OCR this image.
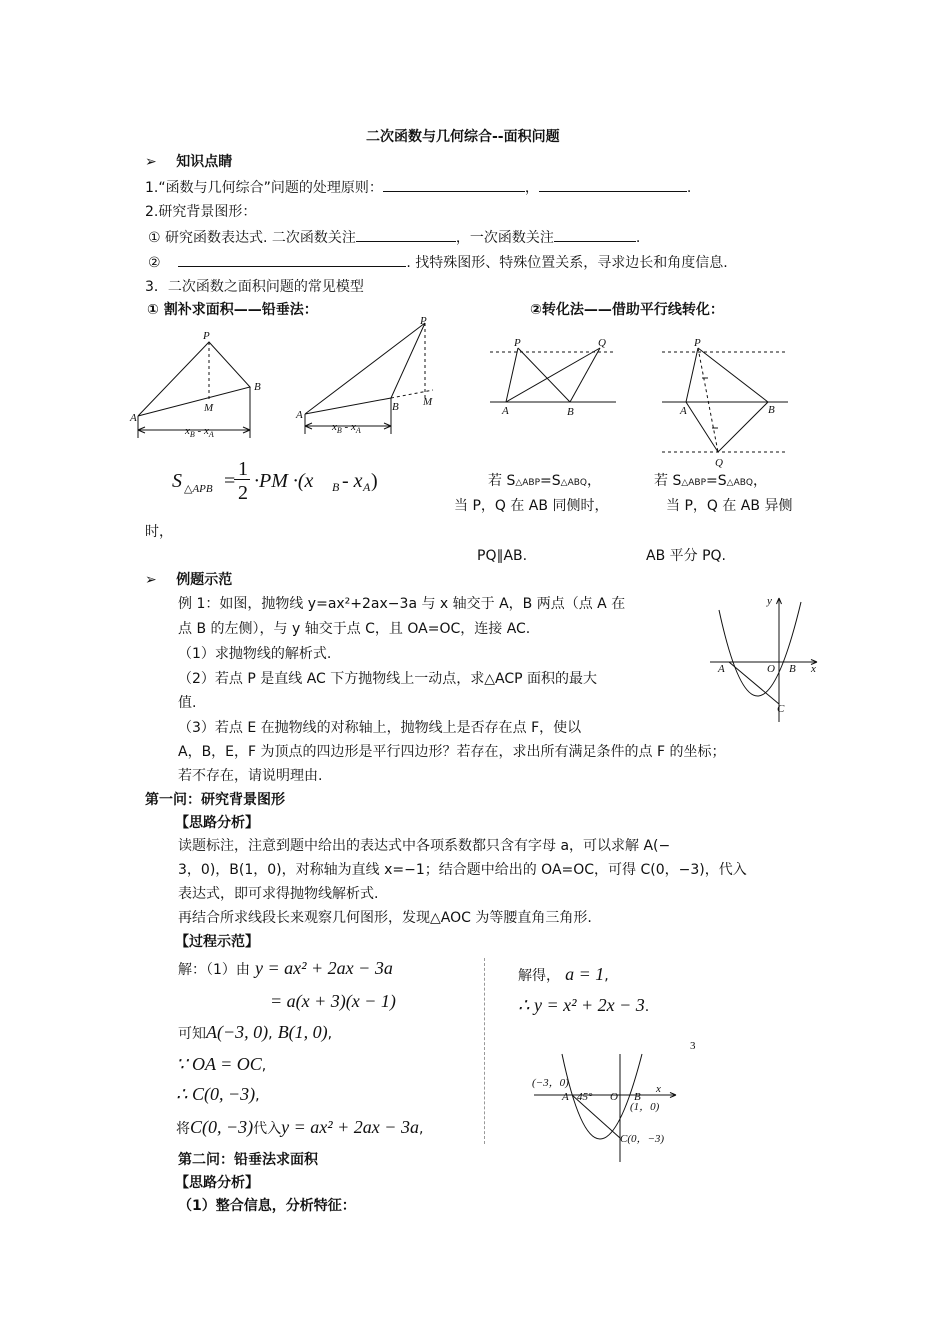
二次函数与几何综合--面积问题
➢ 知识点睛
1.“函数与几何综合”问题的处理原则：	，	.
2.研究背景图形：
① 研究函数表达式. 二次函数关注	，一次函数关注	.
②	. 找特殊图形、特殊位置关系，寻求边长和角度信息.
3．二次函数之面积问题的常见模型
① 割补求面积——铅垂法：	②转化法——借助平行线转化：
P
A
B
M
$x_B - x_A$
P
A
B M
$x_B - x_A$
P	Q
A	B
P
A	B
Q
S △APB =
1
2
·PM ·(x B - x A )	若 S△ABP=S△ABQ，	若 S△ABP=S△ABQ，
当 P，Q 在 AB 同侧时，	当 P，Q 在 AB 异侧
时，
PQ∥AB.	AB 平分 PQ.
➢ 例题示范
例 1：如图，抛物线 y=ax²+2ax−3a 与 x 轴交于 A，B 两点（点 A 在
点 B 的左侧），与 y 轴交于点 C，且 OA=OC，连接 AC.
（1）求抛物线的解析式.
（2）若点 P 是直线 AC 下方抛物线上一动点，求△ACP 面积的最大
值.
（3）若点 E 在抛物线的对称轴上，抛物线上是否存在点 F，使以
A，B，E，F 为顶点的四边形是平行四边形？若存在，求出所有满足条件的点 F 的坐标；
若不存在，请说明理由.
y
x
A	O B
C
第一问：研究背景图形
【思路分析】
读题标注，注意到题中给出的表达式中各项系数都只含有字母 a，可以求解 A(−
3，0)，B(1，0)，对称轴为直线 x=−1；结合题中给出的 OA=OC，可得 C(0，−3)，代入
表达式，即可求得抛物线解析式.
再结合所求线段长来观察几何图形，发现△AOC 为等腰直角三角形.
【过程示范】
解：（1）由 y = ax² + 2ax − 3a
= a(x + 3)(x − 1)
可知A(−3, 0), B(1, 0),
∵ OA = OC,
∴ C(0, −3),
将C(0, −3)代入y = ax² + 2ax − 3a,
解得， a = 1,
∴ y = x² + 2x − 3.
3
(−3，0)
A 45° O B
x
(1，0)
C(0，−3)
第二问：铅垂法求面积
【思路分析】
（1）整合信息，分析特征：
